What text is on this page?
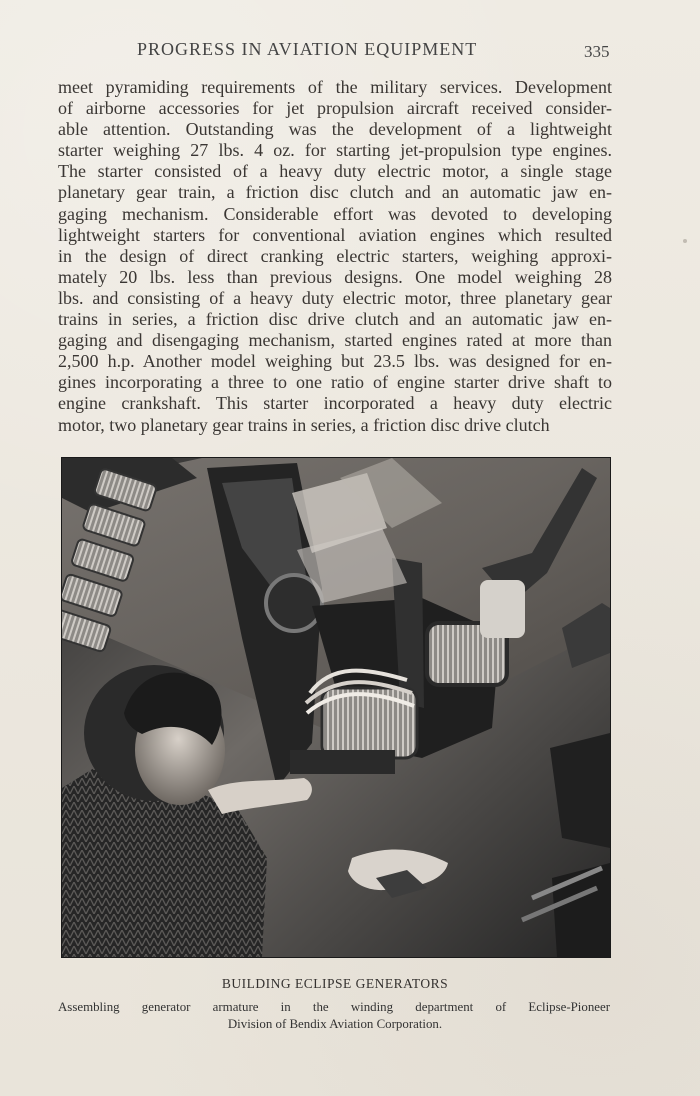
PROGRESS IN AVIATION EQUIPMENT	335
meet pyramiding requirements of the military services. Development
of airborne accessories for jet propulsion aircraft received consider-
able attention. Outstanding was the development of a lightweight
starter weighing 27 lbs. 4 oz. for starting jet-propulsion type engines.
The starter consisted of a heavy duty electric motor, a single stage
planetary gear train, a friction disc clutch and an automatic jaw en-
gaging mechanism. Considerable effort was devoted to developing
lightweight starters for conventional aviation engines which resulted
in the design of direct cranking electric starters, weighing approxi-
mately 20 lbs. less than previous designs. One model weighing 28
lbs. and consisting of a heavy duty electric motor, three planetary gear
trains in series, a friction disc drive clutch and an automatic jaw en-
gaging and disengaging mechanism, started engines rated at more than
2,500 h.p. Another model weighing but 23.5 lbs. was designed for en-
gines incorporating a three to one ratio of engine starter drive shaft to
engine crankshaft. This starter incorporated a heavy duty electric
motor, two planetary gear trains in series, a friction disc drive clutch
BUILDING ECLIPSE GENERATORS
Assembling generator armature in the winding department of Eclipse-Pioneer
Division of Bendix Aviation Corporation.
